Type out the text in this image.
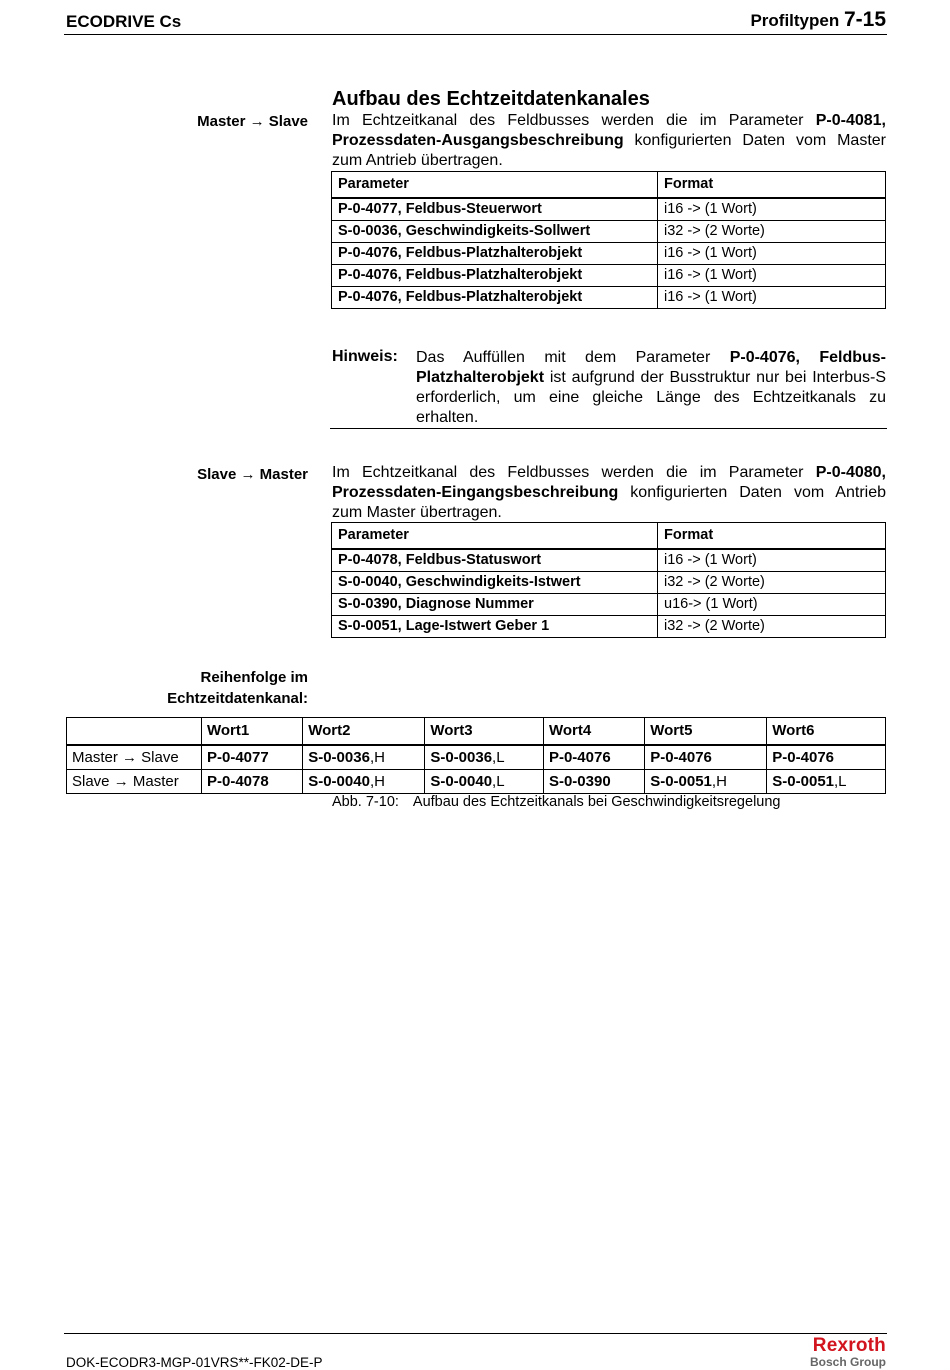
ECODRIVE Cs	Profiltypen 7-15
Master → Slave
Aufbau des Echtzeitdatenkanales
Im Echtzeitkanal des Feldbusses werden die im Parameter P-0-4081, Prozessdaten-Ausgangsbeschreibung konfigurierten Daten vom Master zum Antrieb übertragen.
Parameter	Format
P-0-4077, Feldbus-Steuerwort	i16 -> (1 Wort)
S-0-0036, Geschwindigkeits-Sollwert	i32 -> (2 Worte)
P-0-4076, Feldbus-Platzhalterobjekt	i16 -> (1 Wort)
P-0-4076, Feldbus-Platzhalterobjekt	i16 -> (1 Wort)
P-0-4076, Feldbus-Platzhalterobjekt	i16 -> (1 Wort)
Hinweis: Das Auffüllen mit dem Parameter P-0-4076, Feldbus-Platzhalterobjekt ist aufgrund der Busstruktur nur bei Interbus-S erforderlich, um eine gleiche Länge des Echtzeitkanals zu erhalten.
Slave → Master Im Echtzeitkanal des Feldbusses werden die im Parameter P-0-4080, Prozessdaten-Eingangsbeschreibung konfigurierten Daten vom Antrieb zum Master übertragen.
Parameter	Format
P-0-4078, Feldbus-Statuswort	i16 -> (1 Wort)
S-0-0040, Geschwindigkeits-Istwert	i32 -> (2 Worte)
S-0-0390, Diagnose Nummer	u16-> (1 Wort)
S-0-0051, Lage-Istwert Geber 1	i32 -> (2 Worte)
Reihenfolge im
Echtzeitdatenkanal:
	Wort1	Wort2	Wort3	Wort4	Wort5	Wort6
Master → Slave	P-0-4077	S-0-0036,H	S-0-0036,L	P-0-4076	P-0-4076	P-0-4076
Slave → Master	P-0-4078	S-0-0040,H	S-0-0040,L	S-0-0390	S-0-0051,H	S-0-0051,L
Abb. 7-10: Aufbau des Echtzeitkanals bei Geschwindigkeitsregelung
DOK-ECODR3-MGP-01VRS**-FK02-DE-P
Rexroth
Bosch Group
